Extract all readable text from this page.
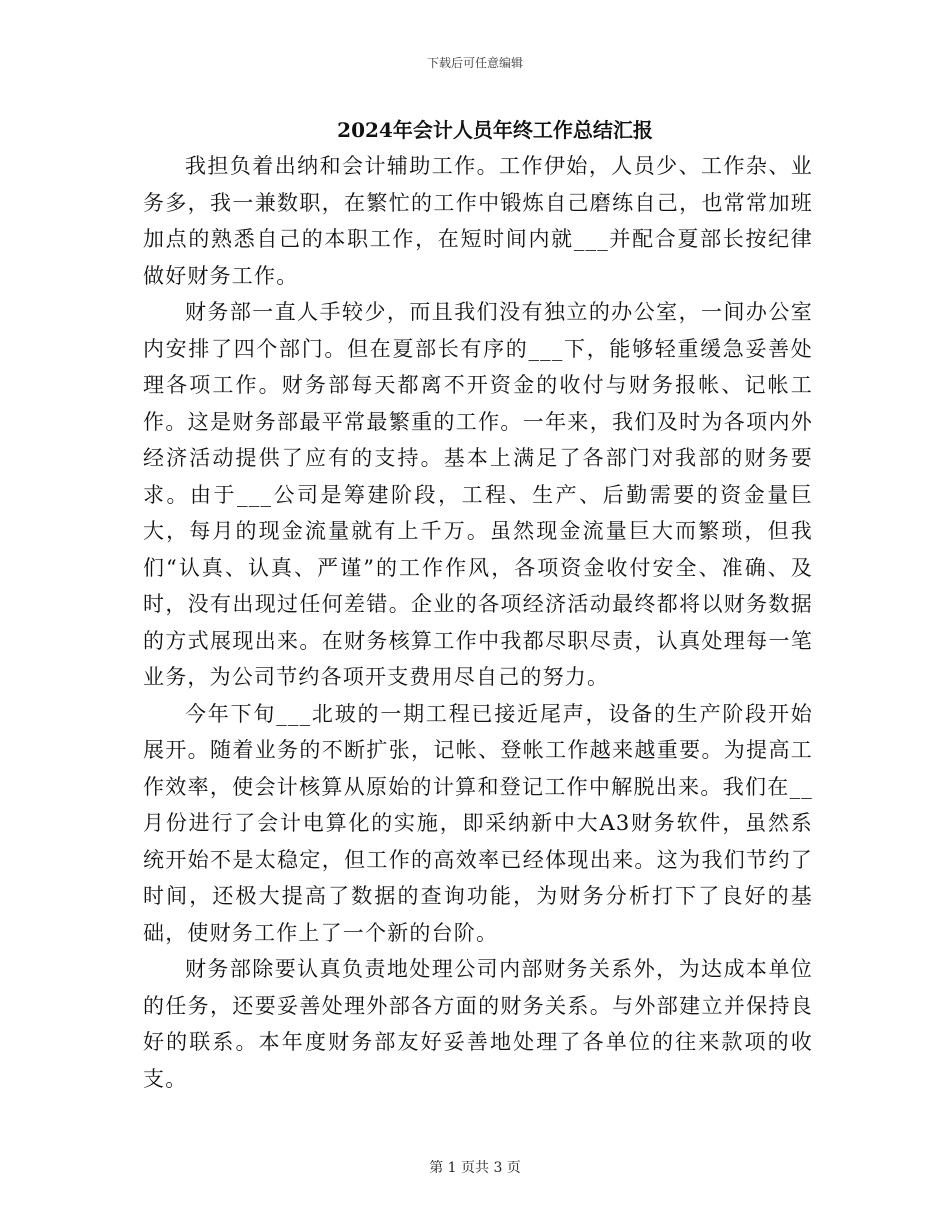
下载后可任意编辑
2024年会计人员年终工作总结汇报

我担负着出纳和会计辅助工作。工作伊始，人员少、工作杂、业务多，我一兼数职，在繁忙的工作中锻炼自己磨练自己，也常常加班加点的熟悉自己的本职工作，在短时间内就___并配合夏部长按纪律做好财务工作。

财务部一直人手较少，而且我们没有独立的办公室，一间办公室内安排了四个部门。但在夏部长有序的___下，能够轻重缓急妥善处理各项工作。财务部每天都离不开资金的收付与财务报帐、记帐工作。这是财务部最平常最繁重的工作。一年来，我们及时为各项内外经济活动提供了应有的支持。基本上满足了各部门对我部的财务要求。由于___公司是筹建阶段，工程、生产、后勤需要的资金量巨大，每月的现金流量就有上千万。虽然现金流量巨大而繁琐，但我们“认真、认真、严谨”的工作作风，各项资金收付安全、准确、及时，没有出现过任何差错。企业的各项经济活动最终都将以财务数据的方式展现出来。在财务核算工作中我都尽职尽责，认真处理每一笔业务，为公司节约各项开支费用尽自己的努力。

今年下旬___北玻的一期工程已接近尾声，设备的生产阶段开始展开。随着业务的不断扩张，记帐、登帐工作越来越重要。为提高工作效率，使会计核算从原始的计算和登记工作中解脱出来。我们在__月份进行了会计电算化的实施，即采纳新中大A3财务软件，虽然系统开始不是太稳定，但工作的高效率已经体现出来。这为我们节约了时间，还极大提高了数据的查询功能，为财务分析打下了良好的基础，使财务工作上了一个新的台阶。

财务部除要认真负责地处理公司内部财务关系外，为达成本单位的任务，还要妥善处理外部各方面的财务关系。与外部建立并保持良好的联系。本年度财务部友好妥善地处理了各单位的往来款项的收支。

第 1 页共 3 页
